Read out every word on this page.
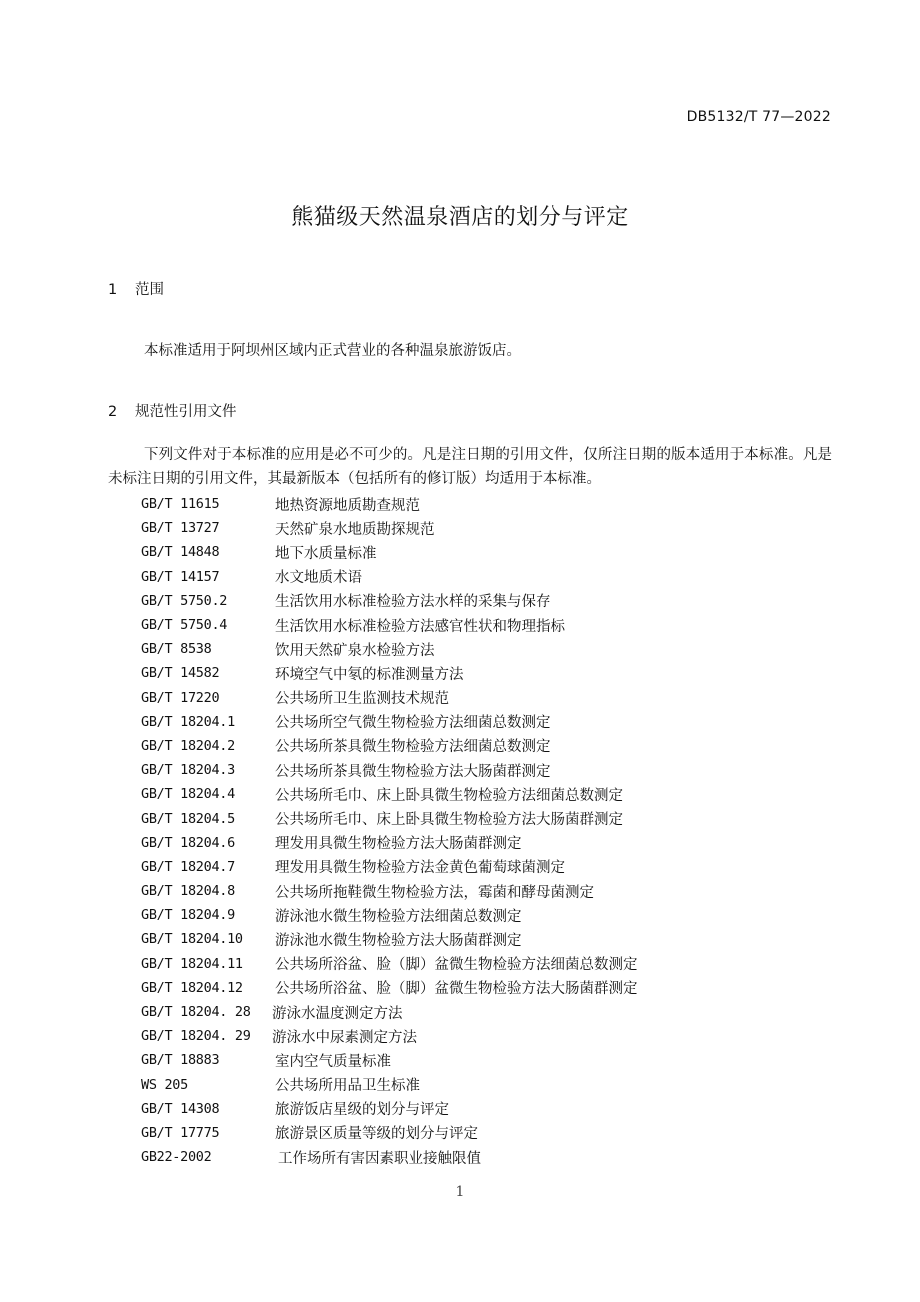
DB5132/T 77—2022
熊猫级天然温泉酒店的划分与评定
1 范围
本标准适用于阿坝州区域内正式营业的各种温泉旅游饭店。
2 规范性引用文件
下列文件对于本标准的应用是必不可少的。凡是注日期的引用文件，仅所注日期的版本适用于本标准。凡是未标注日期的引用文件，其最新版本（包括所有的修订版）均适用于本标准。
GB/T 11615	地热资源地质勘查规范
GB/T 13727	天然矿泉水地质勘探规范
GB/T 14848	地下水质量标准
GB/T 14157	水文地质术语
GB/T 5750.2	生活饮用水标准检验方法水样的采集与保存
GB/T 5750.4	生活饮用水标准检验方法感官性状和物理指标
GB/T 8538	饮用天然矿泉水检验方法
GB/T 14582	环境空气中氡的标准测量方法
GB/T 17220	公共场所卫生监测技术规范
GB/T 18204.1	公共场所空气微生物检验方法细菌总数测定
GB/T 18204.2	公共场所茶具微生物检验方法细菌总数测定
GB/T 18204.3	公共场所茶具微生物检验方法大肠菌群测定
GB/T 18204.4	公共场所毛巾、床上卧具微生物检验方法细菌总数测定
GB/T 18204.5	公共场所毛巾、床上卧具微生物检验方法大肠菌群测定
GB/T 18204.6	理发用具微生物检验方法大肠菌群测定
GB/T 18204.7	理发用具微生物检验方法金黄色葡萄球菌测定
GB/T 18204.8	公共场所拖鞋微生物检验方法，霉菌和酵母菌测定
GB/T 18204.9	游泳池水微生物检验方法细菌总数测定
GB/T 18204.10	游泳池水微生物检验方法大肠菌群测定
GB/T 18204.11	公共场所浴盆、脸（脚）盆微生物检验方法细菌总数测定
GB/T 18204.12	公共场所浴盆、脸（脚）盆微生物检验方法大肠菌群测定
GB/T 18204. 28	游泳水温度测定方法
GB/T 18204. 29	游泳水中尿素测定方法
GB/T 18883	室内空气质量标准
WS 205	公共场所用品卫生标准
GB/T 14308	旅游饭店星级的划分与评定
GB/T 17775	旅游景区质量等级的划分与评定
GB22-2002	工作场所有害因素职业接触限值
1
